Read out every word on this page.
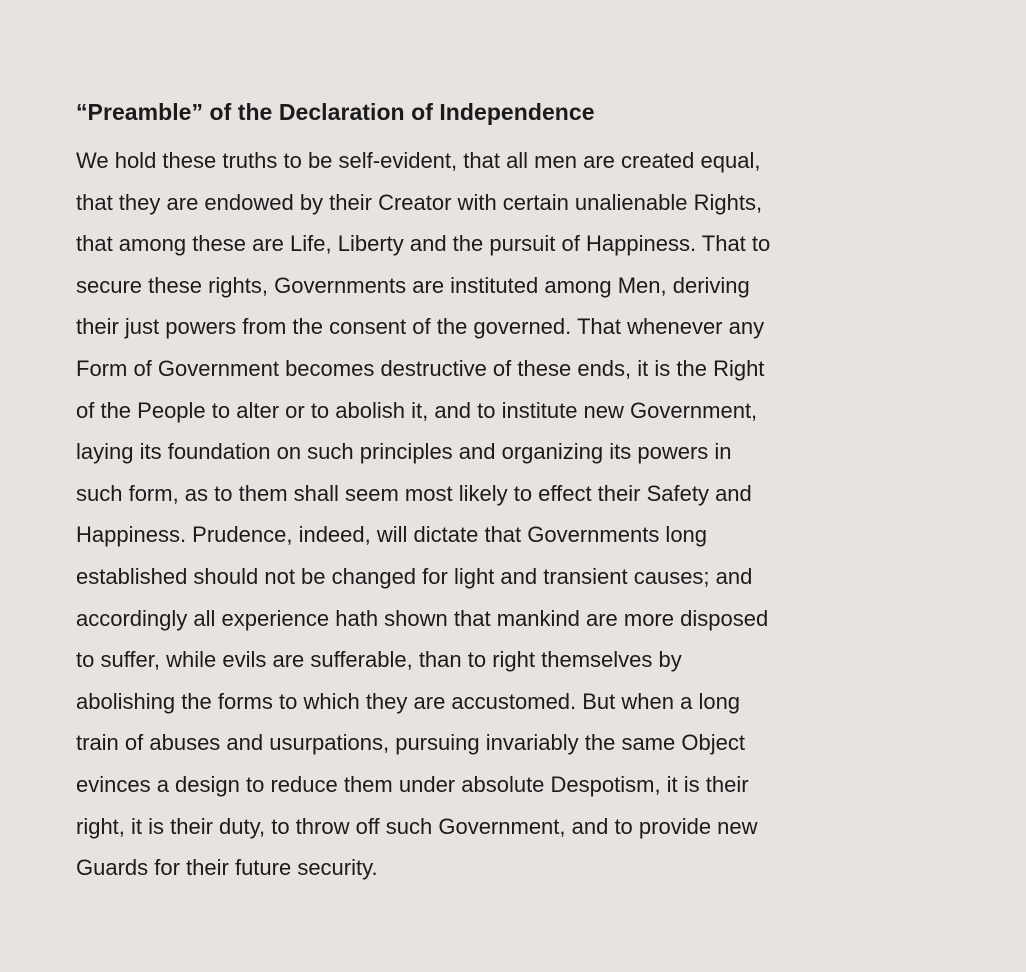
“Preamble” of the Declaration of Independence

We hold these truths to be self-evident, that all men are created equal,
that they are endowed by their Creator with certain unalienable Rights,
that among these are Life, Liberty and the pursuit of Happiness. That to
secure these rights, Governments are instituted among Men, deriving
their just powers from the consent of the governed. That whenever any
Form of Government becomes destructive of these ends, it is the Right
of the People to alter or to abolish it, and to institute new Government,
laying its foundation on such principles and organizing its powers in
such form, as to them shall seem most likely to effect their Safety and
Happiness. Prudence, indeed, will dictate that Governments long
established should not be changed for light and transient causes; and
accordingly all experience hath shown that mankind are more disposed
to suffer, while evils are sufferable, than to right themselves by
abolishing the forms to which they are accustomed. But when a long
train of abuses and usurpations, pursuing invariably the same Object
evinces a design to reduce them under absolute Despotism, it is their
right, it is their duty, to throw off such Government, and to provide new
Guards for their future security.
